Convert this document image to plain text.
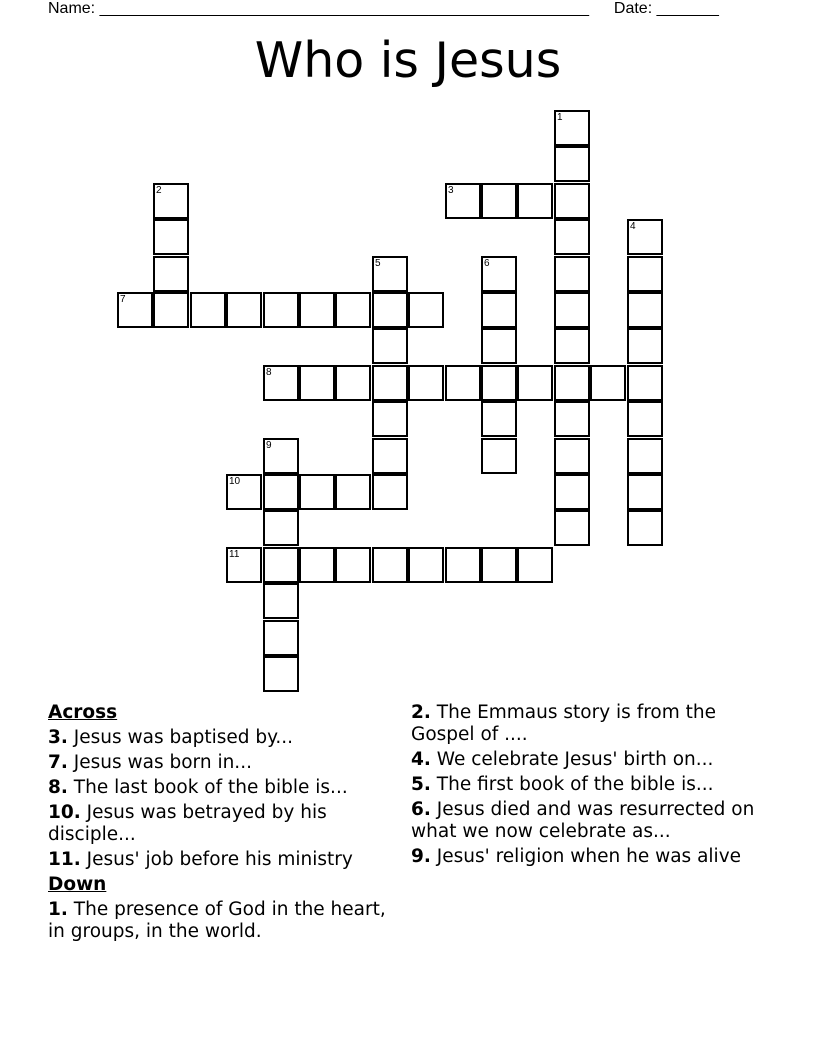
Name: _______________________________________________________ Date: _______
Who is Jesus
1
3
2
4
5	6
7
8
9
10
11
Across
3. Jesus was baptised by...
7. Jesus was born in...
8. The last book of the bible is...
10. Jesus was betrayed by his disciple...
11. Jesus' job before his ministry
Down
1. The presence of God in the heart, in groups, in the world.
2. The Emmaus story is from the Gospel of ....
4. We celebrate Jesus' birth on...
5. The first book of the bible is...
6. Jesus died and was resurrected on what we now celebrate as...
9. Jesus' religion when he was alive
